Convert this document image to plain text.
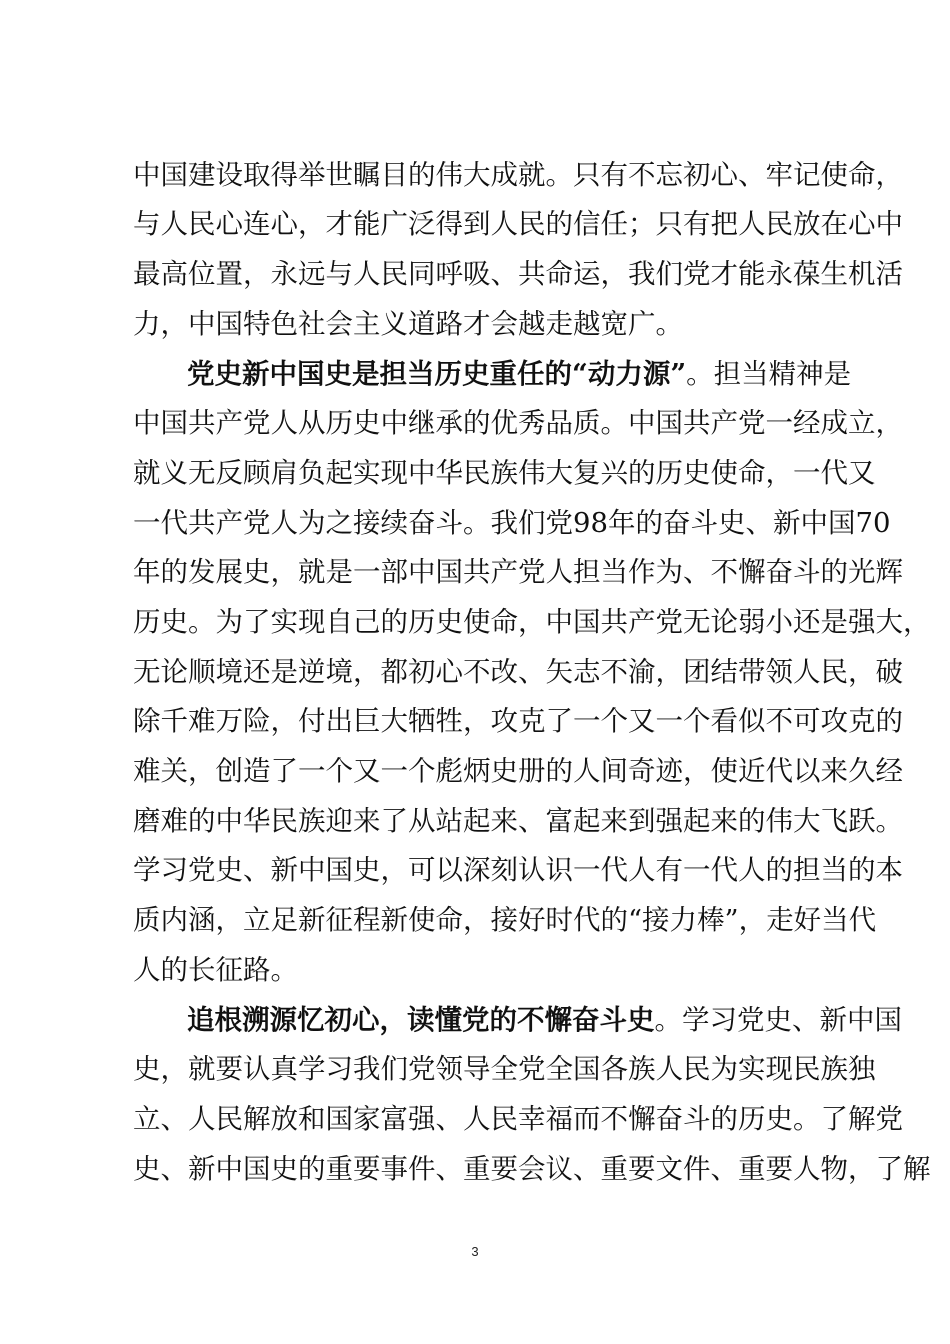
中国建设取得举世瞩目的伟大成就。只有不忘初心、牢记使命，
与人民心连心，才能广泛得到人民的信任；只有把人民放在心中
最高位置，永远与人民同呼吸、共命运，我们党才能永葆生机活
力，中国特色社会主义道路才会越走越宽广。
党史新中国史是担当历史重任的“动力源”。担当精神是
中国共产党人从历史中继承的优秀品质。中国共产党一经成立，
就义无反顾肩负起实现中华民族伟大复兴的历史使命，一代又
一代共产党人为之接续奋斗。我们党98年的奋斗史、新中国70
年的发展史，就是一部中国共产党人担当作为、不懈奋斗的光辉
历史。为了实现自己的历史使命，中国共产党无论弱小还是强大，
无论顺境还是逆境，都初心不改、矢志不渝，团结带领人民，破
除千难万险，付出巨大牺牲，攻克了一个又一个看似不可攻克的
难关，创造了一个又一个彪炳史册的人间奇迹，使近代以来久经
磨难的中华民族迎来了从站起来、富起来到强起来的伟大飞跃。
学习党史、新中国史，可以深刻认识一代人有一代人的担当的本
质内涵，立足新征程新使命，接好时代的“接力棒”，走好当代
人的长征路。
追根溯源忆初心，读懂党的不懈奋斗史。学习党史、新中国
史，就要认真学习我们党领导全党全国各族人民为实现民族独
立、人民解放和国家富强、人民幸福而不懈奋斗的历史。了解党
史、新中国史的重要事件、重要会议、重要文件、重要人物，了解
3
